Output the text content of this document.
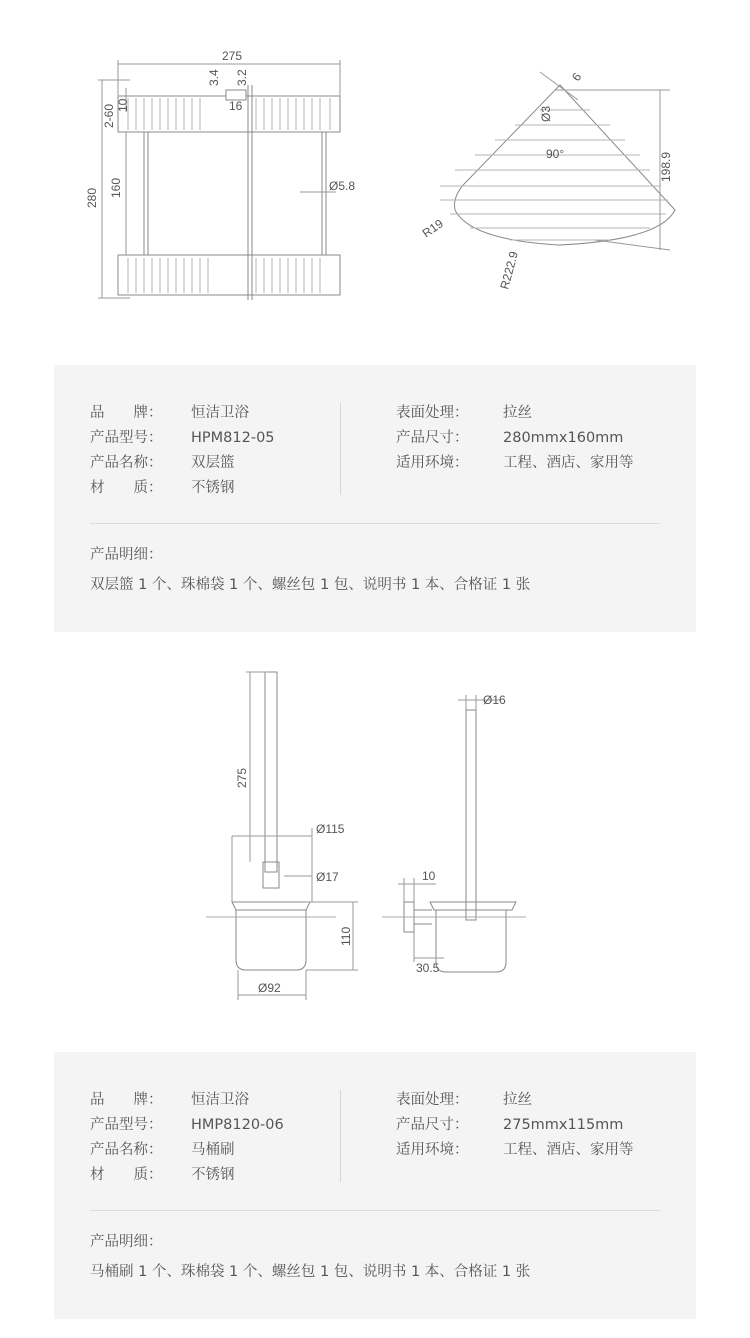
275
3.4 3.2
16
2-60 10
280 160	Ø5.8
6
Ø3
90°	198.9
R19
R222.9
品　　牌： 恒洁卫浴
产品型号： HPM812-05
产品名称： 双层篮
材　　质： 不锈钢
表面处理： 拉丝
产品尺寸： 280mmx160mm
适用环境： 工程、酒店、家用等
产品明细：
双层篮 1 个、珠棉袋 1 个、螺丝包 1 包、说明书 1 本、合格证 1 张
275
Ø115
Ø17
110
Ø92
Ø16
10
30.5
品　　牌： 恒洁卫浴
产品型号： HMP8120-06
产品名称： 马桶刷
材　　质： 不锈钢
表面处理： 拉丝
产品尺寸： 275mmx115mm
适用环境： 工程、酒店、家用等
产品明细：
马桶刷 1 个、珠棉袋 1 个、螺丝包 1 包、说明书 1 本、合格证 1 张
